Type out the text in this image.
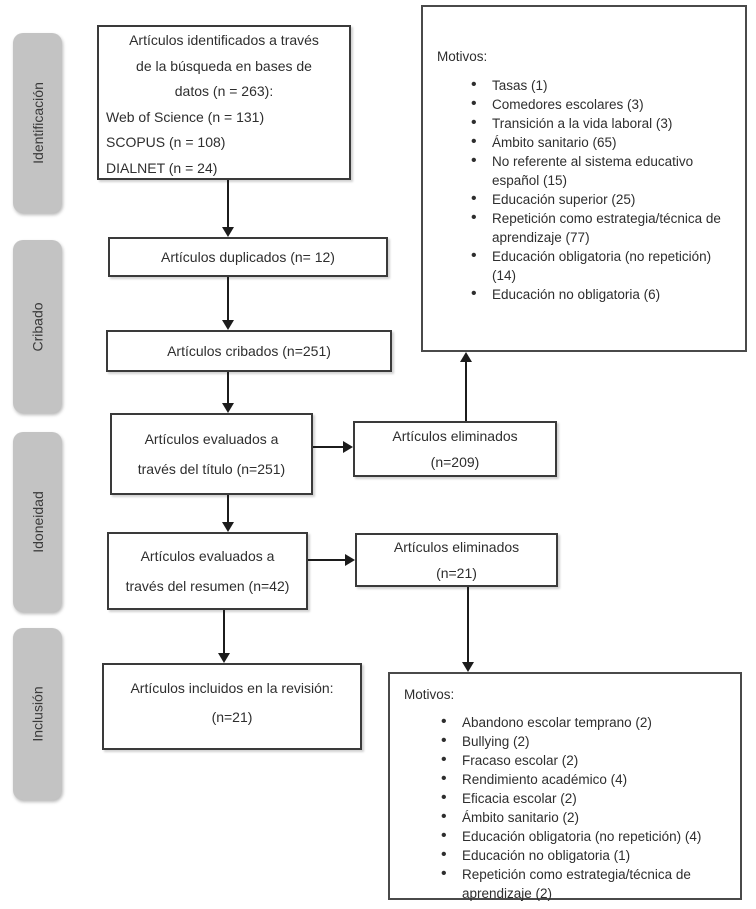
Identificación
Cribado
Idoneidad
Inclusión
Artículos identificados a través
de la búsqueda en bases de
datos (n = 263):
Web of Science (n = 131)
SCOPUS (n = 108)
DIALNET (n = 24)
Artículos duplicados (n= 12)
Artículos cribados (n=251)
Artículos evaluados a
través del título (n=251)
Artículos eliminados
(n=209)
Artículos evaluados a
través del resumen (n=42)
Artículos eliminados
(n=21)
Artículos incluidos en la revisión:
(n=21)
Motivos:
• Tasas (1)
• Comedores escolares (3)
• Transición a la vida laboral (3)
• Ámbito sanitario (65)
• No referente al sistema educativo español (15)
• Educación superior (25)
• Repetición como estrategia/técnica de aprendizaje (77)
• Educación obligatoria (no repetición) (14)
• Educación no obligatoria (6)
Motivos:
• Abandono escolar temprano (2)
• Bullying (2)
• Fracaso escolar (2)
• Rendimiento académico (4)
• Eficacia escolar (2)
• Ámbito sanitario (2)
• Educación obligatoria (no repetición) (4)
• Educación no obligatoria (1)
• Repetición como estrategia/técnica de aprendizaje (2)
